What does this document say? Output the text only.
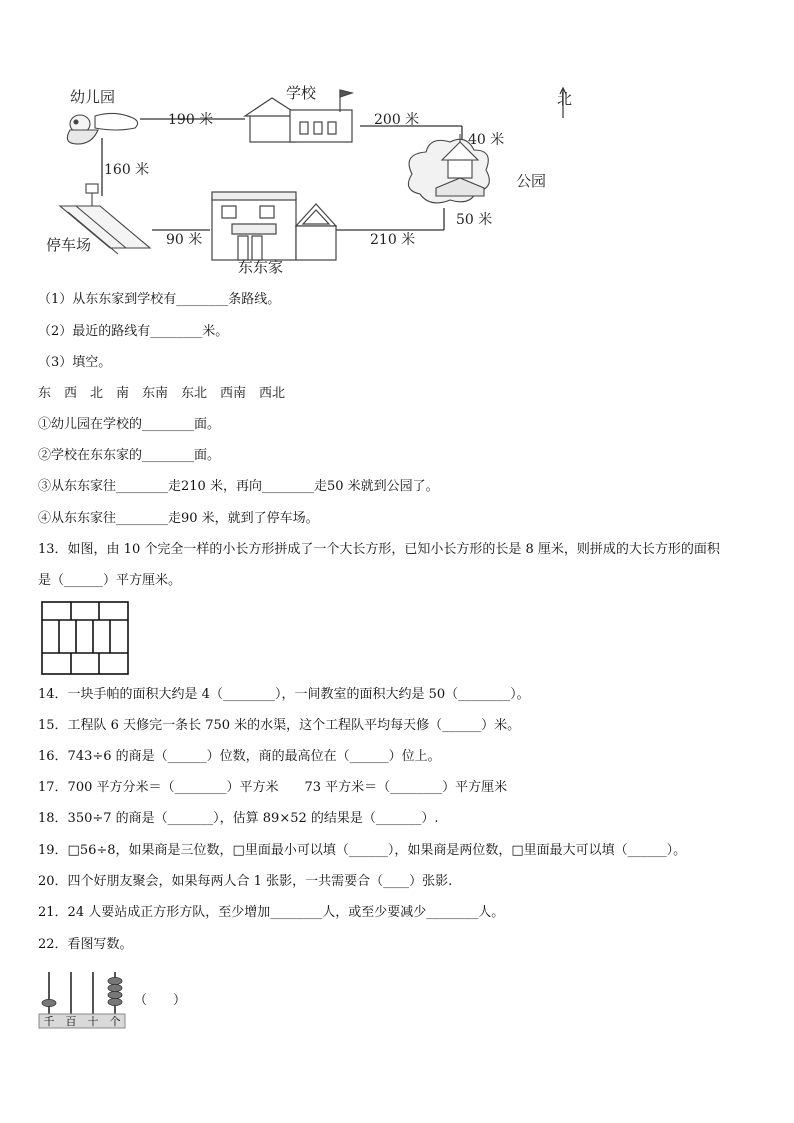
幼儿园	学校	北
公园
停车场
东东家
190 米	200 米
40 米
160 米
90 米	210 米
50 米
（1）从东东家到学校有________条路线。
（2）最近的路线有________米。
（3）填空。
东　西　北　南　东南　东北　西南　西北
①幼儿园在学校的________面。
②学校在东东家的________面。
③从东东家往________走210 米，再向________走50 米就到公园了。
④从东东家往________走90 米，就到了停车场。
13．如图，由 10 个完全一样的小长方形拼成了一个大长方形，已知小长方形的长是 8 厘米，则拼成的大长方形的面积
是（______）平方厘米。
14．一块手帕的面积大约是 4（________），一间教室的面积大约是 50（________）。
15．工程队 6 天修完一条长 750 米的水渠，这个工程队平均每天修（______）米。
16．743÷6 的商是（______）位数，商的最高位在（______）位上。
17．700 平方分米＝（________）平方米　　73 平方米＝（________）平方厘米
18．350÷7 的商是（_______），估算 89×52 的结果是（_______）.
19．□56÷8，如果商是三位数，□里面最小可以填（______），如果商是两位数，□里面最大可以填（______）。
20．四个好朋友聚会，如果每两人合 1 张影，一共需要合（____）张影.
21．24 人要站成正方形方队，至少增加________人，或至少要减少________人。
22．看图写数。
千 百 十 个
（　　）
